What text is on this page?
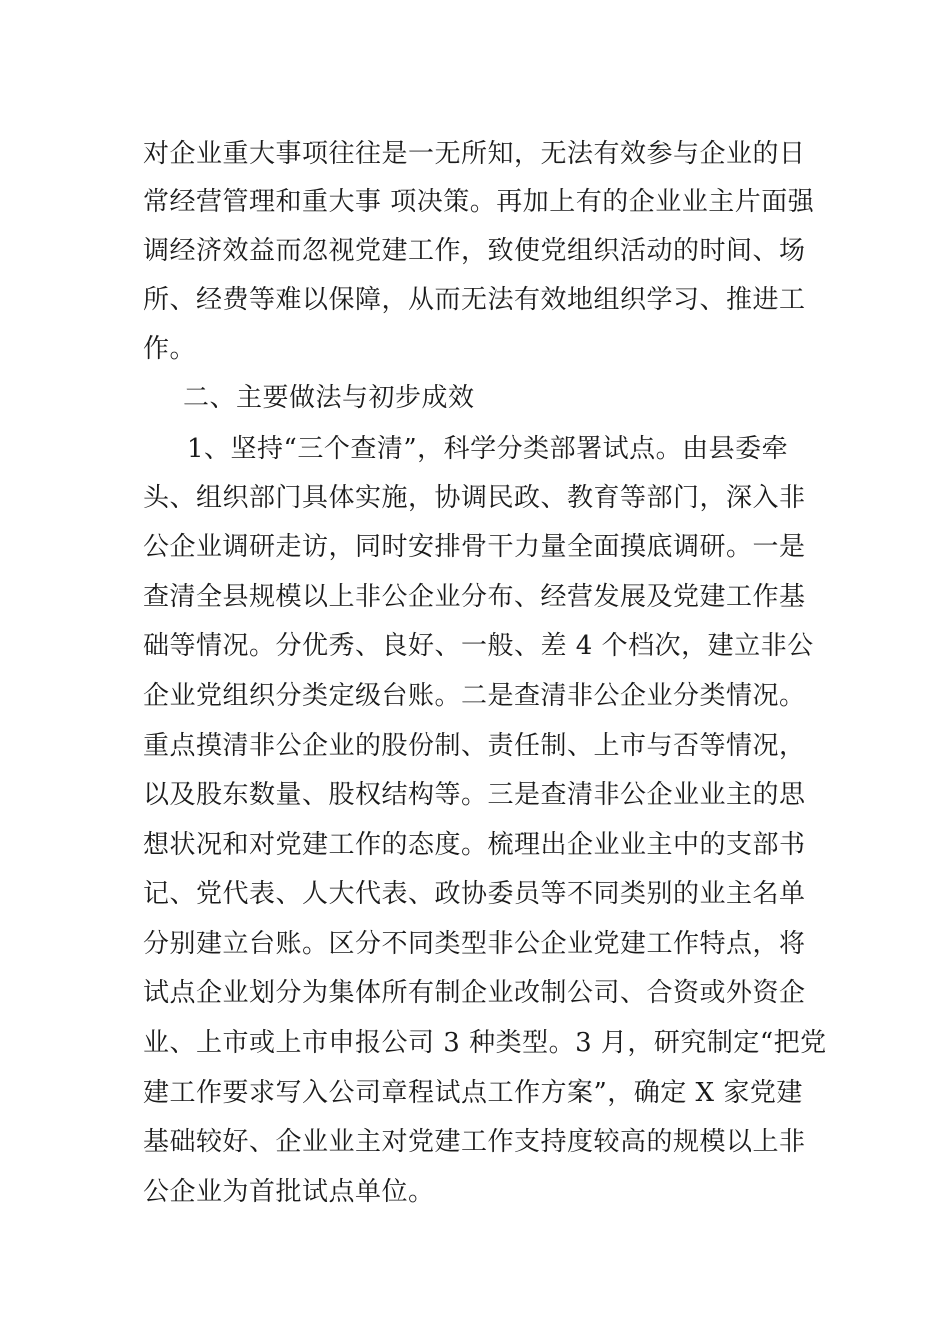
对企业重大事项往往是一无所知，无法有效参与企业的日
常经营管理和重大事 项决策。再加上有的企业业主片面强
调经济效益而忽视党建工作，致使党组织活动的时间、场
所、经费等难以保障，从而无法有效地组织学习、推进工
作。
二、主要做法与初步成效
1、坚持“三个查清”，科学分类部署试点。由县委牵
头、组织部门具体实施，协调民政、教育等部门，深入非
公企业调研走访，同时安排骨干力量全面摸底调研。一是
查清全县规模以上非公企业分布、经营发展及党建工作基
础等情况。分优秀、良好、一般、差 4 个档次，建立非公
企业党组织分类定级台账。二是查清非公企业分类情况。
重点摸清非公企业的股份制、责任制、上市与否等情况，
以及股东数量、股权结构等。三是查清非公企业业主的思
想状况和对党建工作的态度。梳理出企业业主中的支部书
记、党代表、人大代表、政协委员等不同类别的业主名单
分别建立台账。区分不同类型非公企业党建工作特点，将
试点企业划分为集体所有制企业改制公司、合资或外资企
业、上市或上市申报公司 3 种类型。3 月，研究制定“把党
建工作要求写入公司章程试点工作方案”，确定 X 家党建
基础较好、企业业主对党建工作支持度较高的规模以上非
公企业为首批试点单位。
